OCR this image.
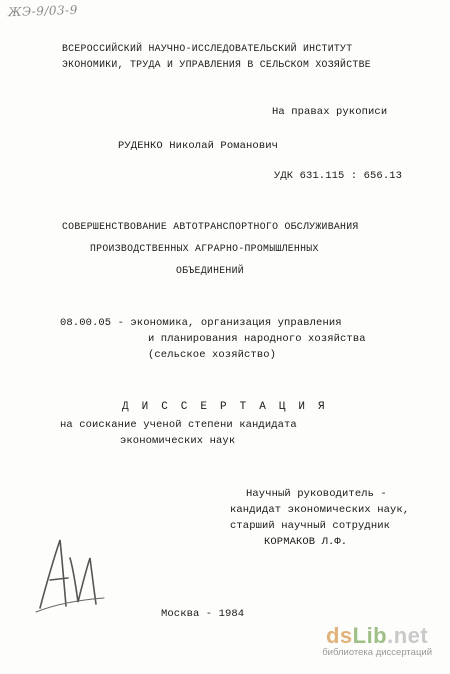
ЖЭ-9/03-9
ВСЕРОССИЙСКИЙ НАУЧНО-ИССЛЕДОВАТЕЛЬСКИЙ ИНСТИТУТ
ЭКОНОМИКИ, ТРУДА И УПРАВЛЕНИЯ В СЕЛЬСКОМ ХОЗЯЙСТВЕ
На правах рукописи
РУДЕНКО Николай Романович
УДК 631.115 : 656.13
СОВЕРШЕНСТВОВАНИЕ АВТОТРАНСПОРТНОГО ОБСЛУЖИВАНИЯ
ПРОИЗВОДСТВЕННЫХ АГРАРНО-ПРОМЫШЛЕННЫХ
ОБЪЕДИНЕНИЙ
08.00.05 - экономика, организация управления
и планирования народного хозяйства
(сельское хозяйство)
Д И С С Е Р Т А Ц И Я
на соискание ученой степени кандидата
экономических наук
Научный руководитель -
кандидат экономических наук,
старший научный сотрудник
КОРМАКОВ Л.Ф.
Москва - 1984
dsLib.net
библиотека диссертаций
